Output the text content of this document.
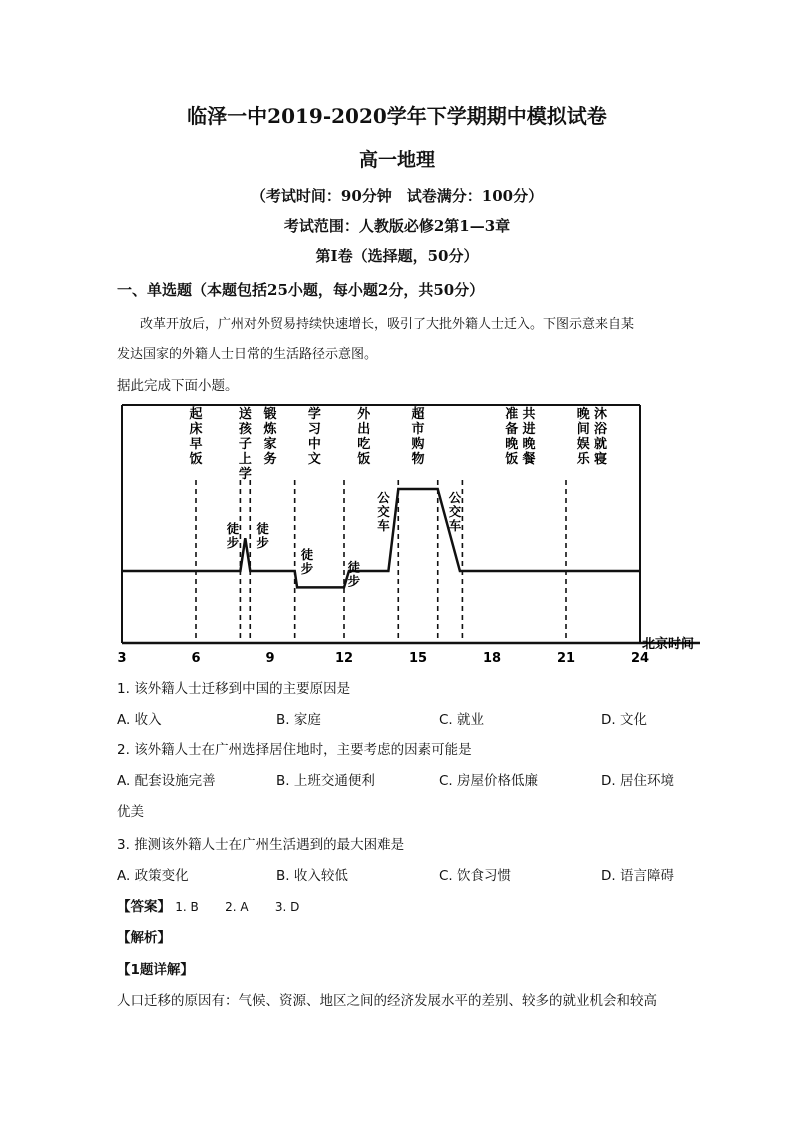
临泽一中2019-2020学年下学期期中模拟试卷
高一地理
（考试时间：90分钟　试卷满分：100分）
考试范围：人教版必修2第1—3章
第Ⅰ卷（选择题，50分）
一、单选题（本题包括25小题，每小题2分，共50分）
改革开放后，广州对外贸易持续快速增长，吸引了大批外籍人士迁入。下图示意来自某
发达国家的外籍人士日常的生活路径示意图。
据此完成下面小题。
起床早饭
送孩子上学
锻炼家务
学习中文
外出吃饭
超市购物
准备晚饭
共进晚餐
晚间娱乐
沐浴就寝
徒步
徒步
徒步	徒步
公交车
公交车
3	6	9	12	15	18	21	24
北京时间
1. 该外籍人士迁移到中国的主要原因是
A. 收入	B. 家庭	C. 就业	D. 文化
2. 该外籍人士在广州选择居住地时，主要考虑的因素可能是
A. 配套设施完善	B. 上班交通便利	C. 房屋价格低廉	D. 居住环境
优美
3. 推测该外籍人士在广州生活遇到的最大困难是
A. 政策变化	B. 收入较低	C. 饮食习惯	D. 语言障碍
【答案】 1. B 2. A 3. D
【解析】
【1题详解】
人口迁移的原因有：气候、资源、地区之间的经济发展水平的差别、较多的就业机会和较高
